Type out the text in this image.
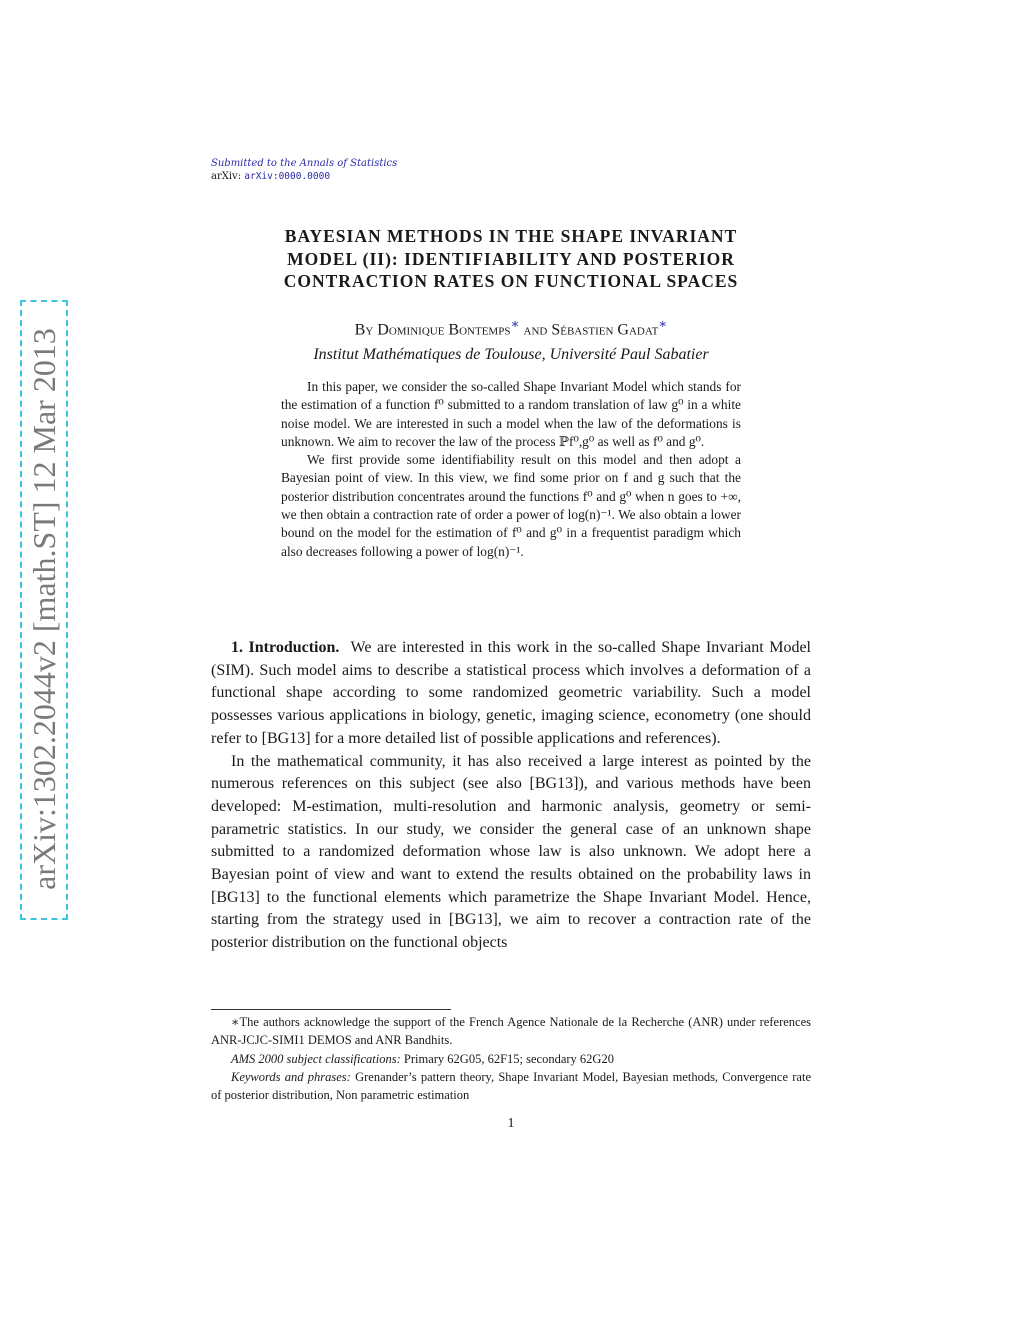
Submitted to the Annals of Statistics
arXiv: arXiv:0000.0000
arXiv:1302.2044v2 [math.ST] 12 Mar 2013
BAYESIAN METHODS IN THE SHAPE INVARIANT
MODEL (II): IDENTIFIABILITY AND POSTERIOR
CONTRACTION RATES ON FUNCTIONAL SPACES
By Dominique Bontemps∗ and Sébastien Gadat∗
Institut Mathématiques de Toulouse, Université Paul Sabatier

In this paper, we consider the so-called Shape Invariant Model which stands for the estimation of a function f⁰ submitted to a random translation of law g⁰ in a white noise model. We are interested in such a model when the law of the deformations is unknown. We aim to recover the law of the process ℙf⁰,g⁰ as well as f⁰ and g⁰.

We first provide some identifiability result on this model and then adopt a Bayesian point of view. In this view, we find some prior on f and g such that the posterior distribution concentrates around the functions f⁰ and g⁰ when n goes to +∞, we then obtain a contraction rate of order a power of log(n)⁻¹. We also obtain a lower bound on the model for the estimation of f⁰ and g⁰ in a frequentist paradigm which also decreases following a power of log(n)⁻¹.

1. Introduction. We are interested in this work in the so-called Shape Invariant Model (SIM). Such model aims to describe a statistical process which involves a deformation of a functional shape according to some randomized geometric variability. Such a model possesses various applications in biology, genetic, imaging science, econometry (one should refer to [BG13] for a more detailed list of possible applications and references).

In the mathematical community, it has also received a large interest as pointed by the numerous references on this subject (see also [BG13]), and various methods have been developed: M-estimation, multi-resolution and harmonic analysis, geometry or semi-parametric statistics. In our study, we consider the general case of an unknown shape submitted to a randomized deformation whose law is also unknown. We adopt here a Bayesian point of view and want to extend the results obtained on the probability laws in [BG13] to the functional elements which parametrize the Shape Invariant Model. Hence, starting from the strategy used in [BG13], we aim to recover a contraction rate of the posterior distribution on the functional objects

∗The authors acknowledge the support of the French Agence Nationale de la Recherche (ANR) under references ANR-JCJC-SIMI1 DEMOS and ANR Bandhits.

AMS 2000 subject classifications: Primary 62G05, 62F15; secondary 62G20

Keywords and phrases: Grenander’s pattern theory, Shape Invariant Model, Bayesian methods, Convergence rate of posterior distribution, Non parametric estimation

1
